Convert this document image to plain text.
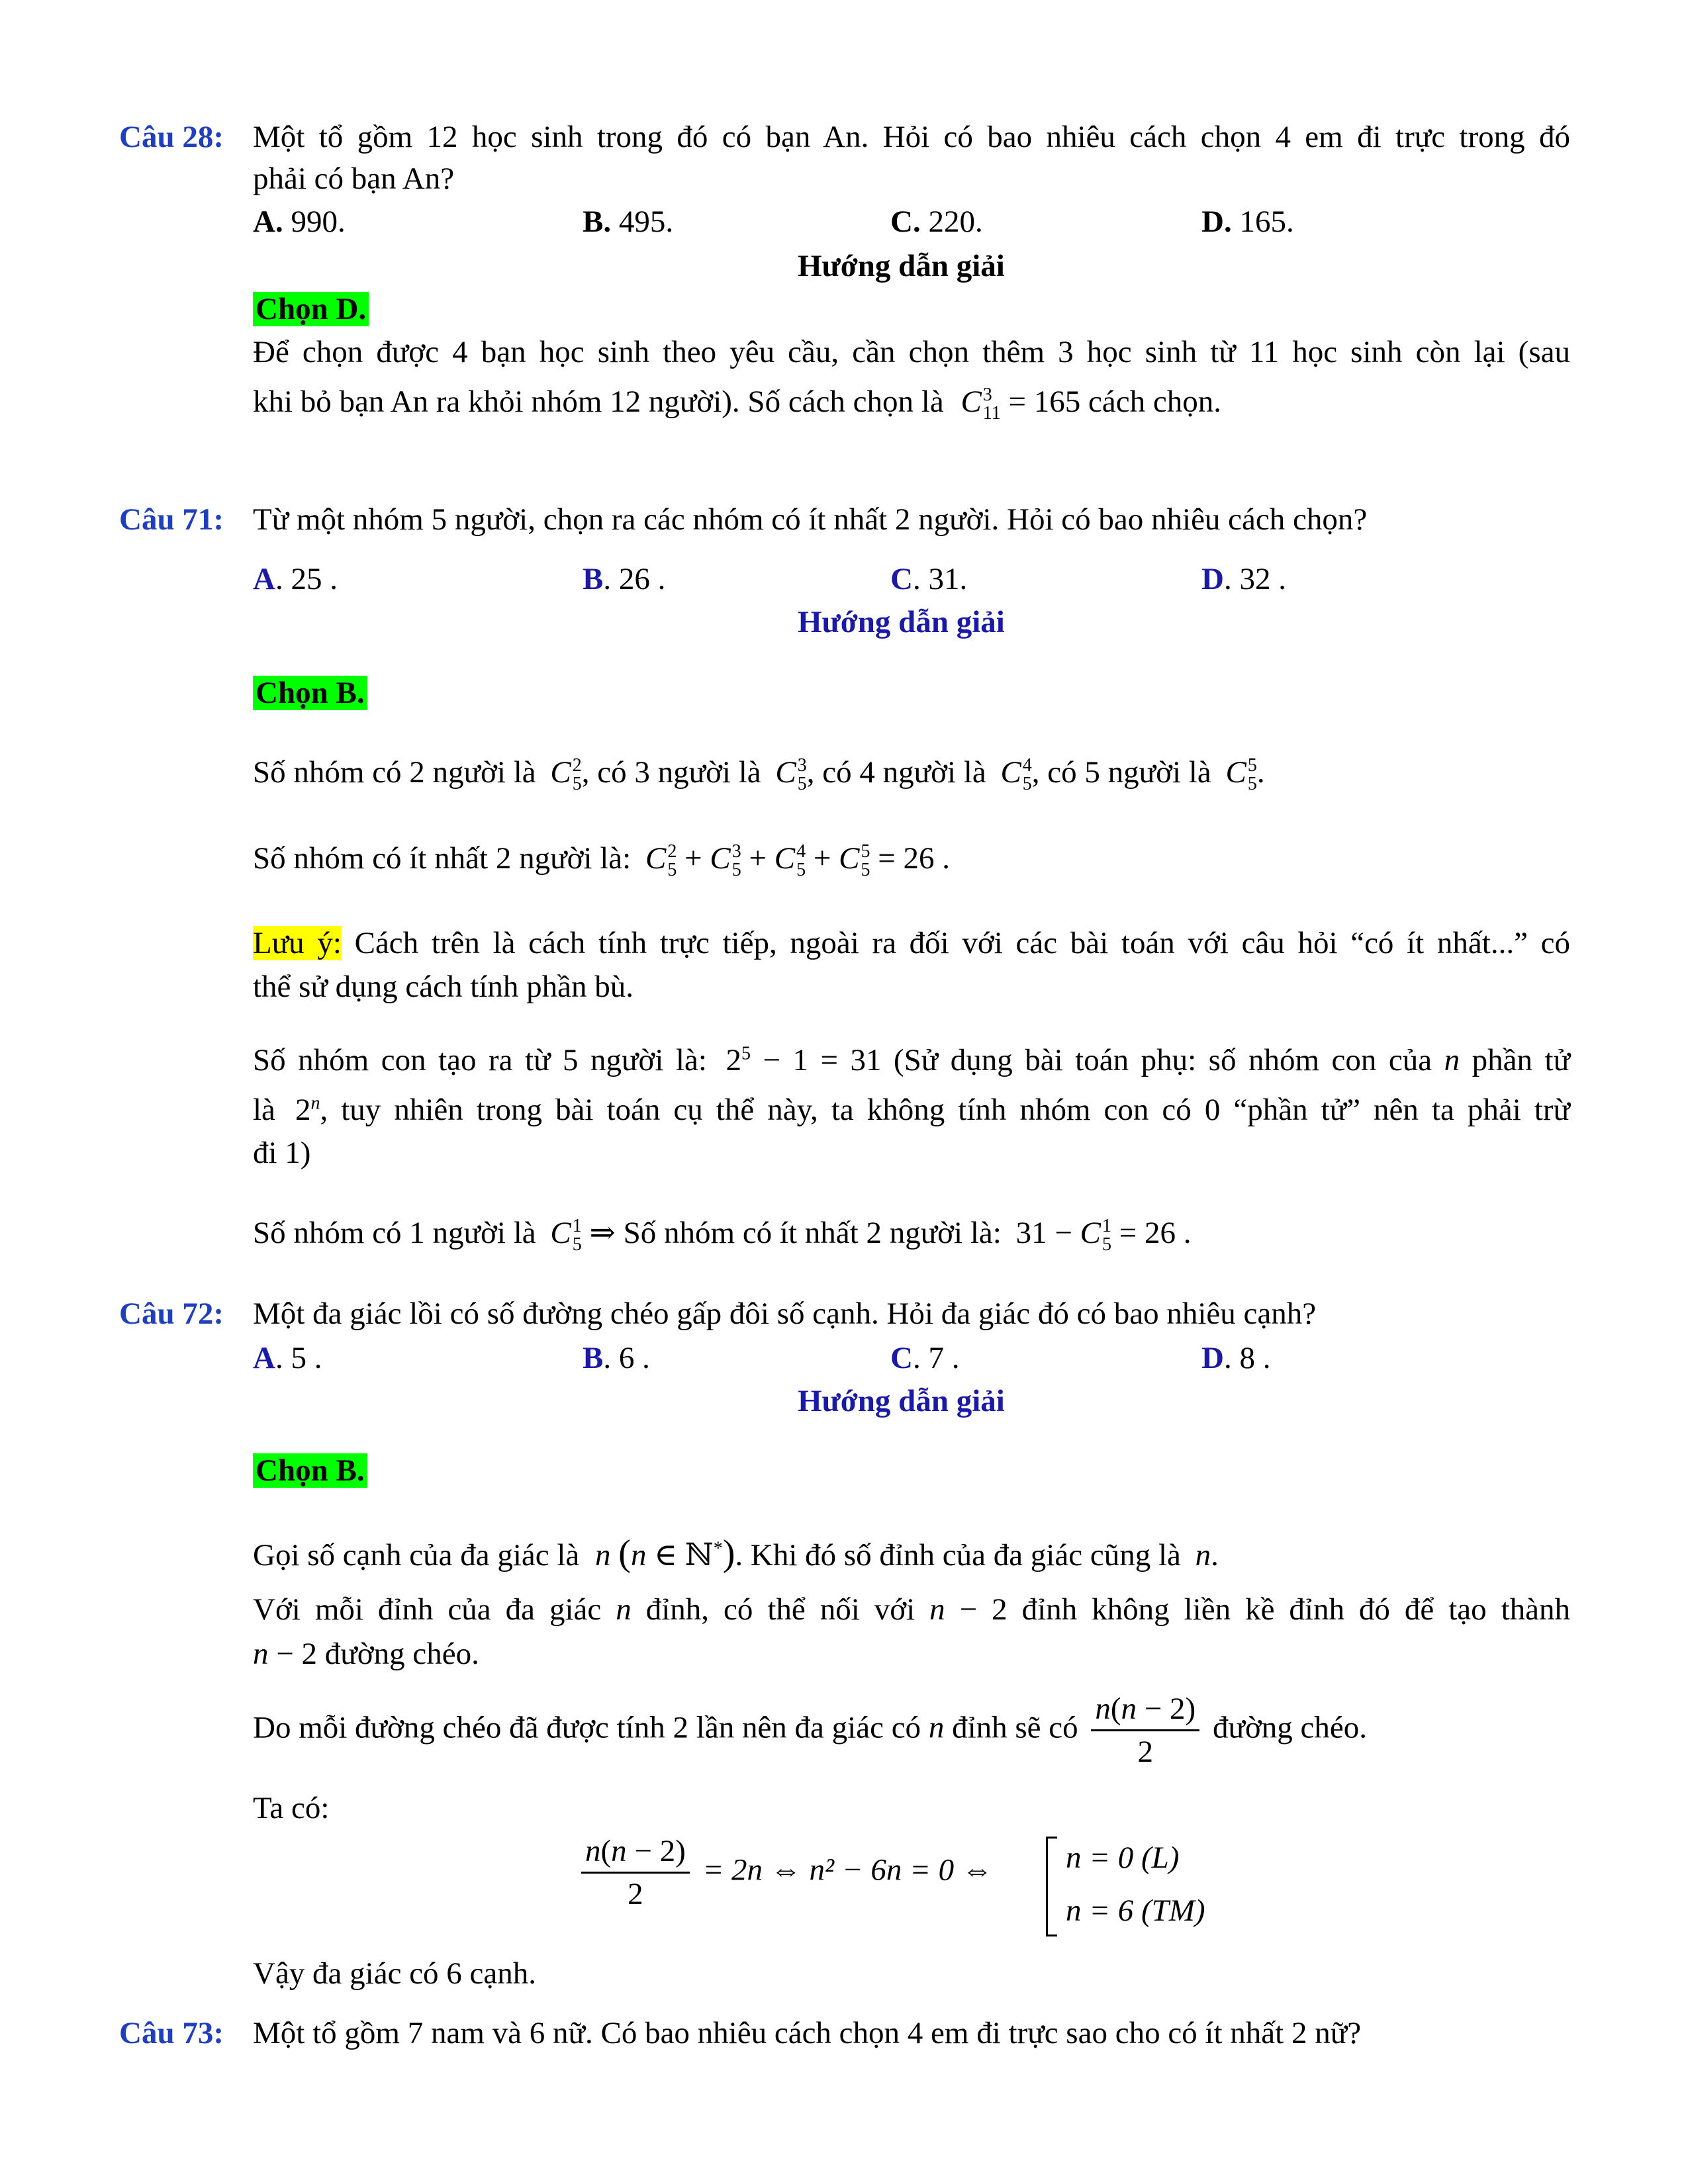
Câu 28: Một tổ gồm 12 học sinh trong đó có bạn An. Hỏi có bao nhiêu cách chọn 4 em đi trực trong đó
phải có bạn An?
A. 990.	B. 495.	C. 220.	D. 165.
Hướng dẫn giải
Chọn D.
Để chọn được 4 bạn học sinh theo yêu cầu, cần chọn thêm 3 học sinh từ 11 học sinh còn lại (sau
khi bỏ bạn An ra khỏi nhóm 12 người). Số cách chọn là C 3
11 = 165 cách chọn.
Câu 71: Từ một nhóm 5 người, chọn ra các nhóm có ít nhất 2 người. Hỏi có bao nhiêu cách chọn?
A. 25 .	B. 26 .	C. 31.	D. 32 .
Hướng dẫn giải
Chọn B.
Số nhóm có 2 người là C 2
5 , có 3 người là C 3
5 , có 4 người là C 4
5 , có 5 người là C 5
5 .
Số nhóm có ít nhất 2 người là: C 2
5 + C 3
5 + C 4
5 + C 5
5 = 26 .
Lưu ý: Cách trên là cách tính trực tiếp, ngoài ra đối với các bài toán với câu hỏi “có ít nhất...” có
thể sử dụng cách tính phần bù.
Số nhóm con tạo ra từ 5 người là: $2^5 - 1 = 31$ (Sử dụng bài toán phụ: số nhóm con của n phần tử
là 2$^n$, tuy nhiên trong bài toán cụ thể này, ta không tính nhóm con có 0 “phần tử” nên ta phải trừ
đi 1)
Số nhóm có 1 người là C 1
5 ⇒ Số nhóm có ít nhất 2 người là: 31 − C 1
5 = 26 .
Câu 72: Một đa giác lồi có số đường chéo gấp đôi số cạnh. Hỏi đa giác đó có bao nhiêu cạnh?
A. 5 .	B. 6 .	C. 7 .	D. 8 .
Hướng dẫn giải
Chọn B.
Gọi số cạnh của đa giác là n (n ∈ ℕ*). Khi đó số đỉnh của đa giác cũng là n.
Với mỗi đỉnh của đa giác n đỉnh, có thể nối với n − 2 đỉnh không liền kề đỉnh đó để tạo thành
n − 2 đường chéo.
Do mỗi đường chéo đã được tính 2 lần nên đa giác có n đỉnh sẽ có $\frac{n(n - 2)}{2}$ đường chéo.
Ta có:
$\frac{n(n - 2)}{2} = 2n$ ⇔ n² − 6n = 0 ⇔ n = 0 (L)
n = 6 (TM)
Vậy đa giác có 6 cạnh.
Câu 73: Một tổ gồm 7 nam và 6 nữ. Có bao nhiêu cách chọn 4 em đi trực sao cho có ít nhất 2 nữ?
